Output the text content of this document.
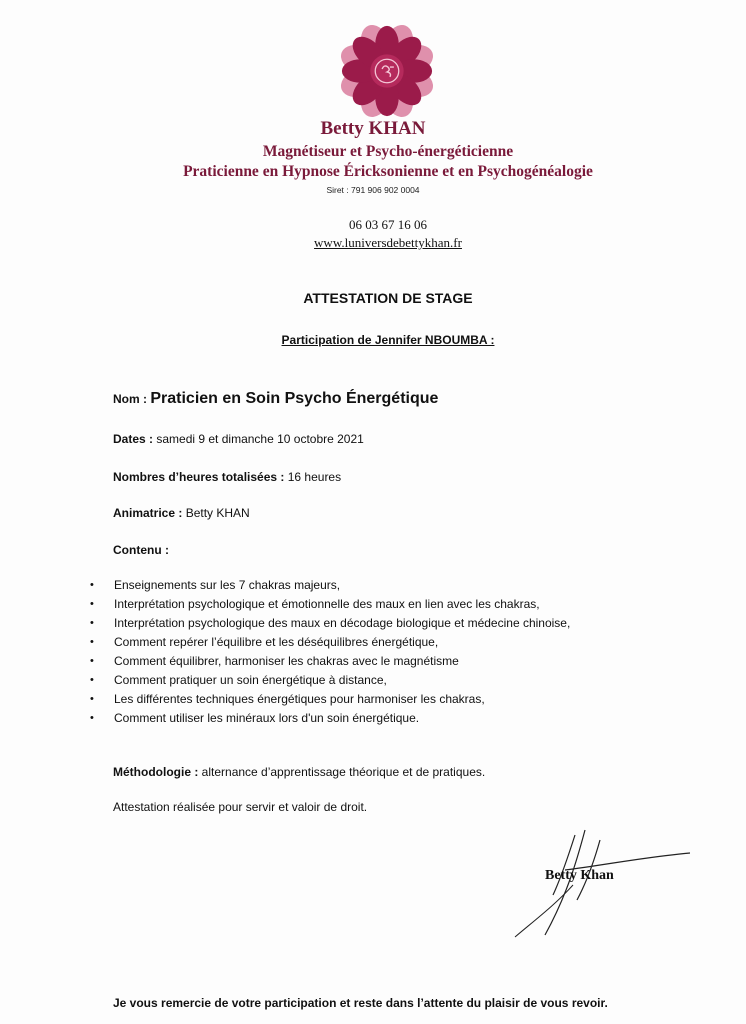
Betty KHAN
Magnétiseur et Psycho-énergéticienne
Praticienne en Hypnose Éricksonienne et en Psychogénéalogie
Siret : 791 906 902 0004
06 03 67 16 06
www.luniversdebettykhan.fr
ATTESTATION DE STAGE
Participation de Jennifer NBOUMBA :
Nom : Praticien en Soin Psycho Énergétique
Dates : samedi 9 et dimanche 10 octobre 2021
Nombres d’heures totalisées : 16 heures
Animatrice : Betty KHAN
Contenu :
• Enseignements sur les 7 chakras majeurs,
• Interprétation psychologique et émotionnelle des maux en lien avec les chakras,
• Interprétation psychologique des maux en décodage biologique et médecine chinoise,
• Comment repérer l’équilibre et les déséquilibres énergétique,
• Comment équilibrer, harmoniser les chakras avec le magnétisme
• Comment pratiquer un soin énergétique à distance,
• Les différentes techniques énergétiques pour harmoniser les chakras,
• Comment utiliser les minéraux lors d'un soin énergétique.
Méthodologie : alternance d’apprentissage théorique et de pratiques.
Attestation réalisée pour servir et valoir de droit.
Betty Khan
Je vous remercie de votre participation et reste dans l’attente du plaisir de vous revoir.
